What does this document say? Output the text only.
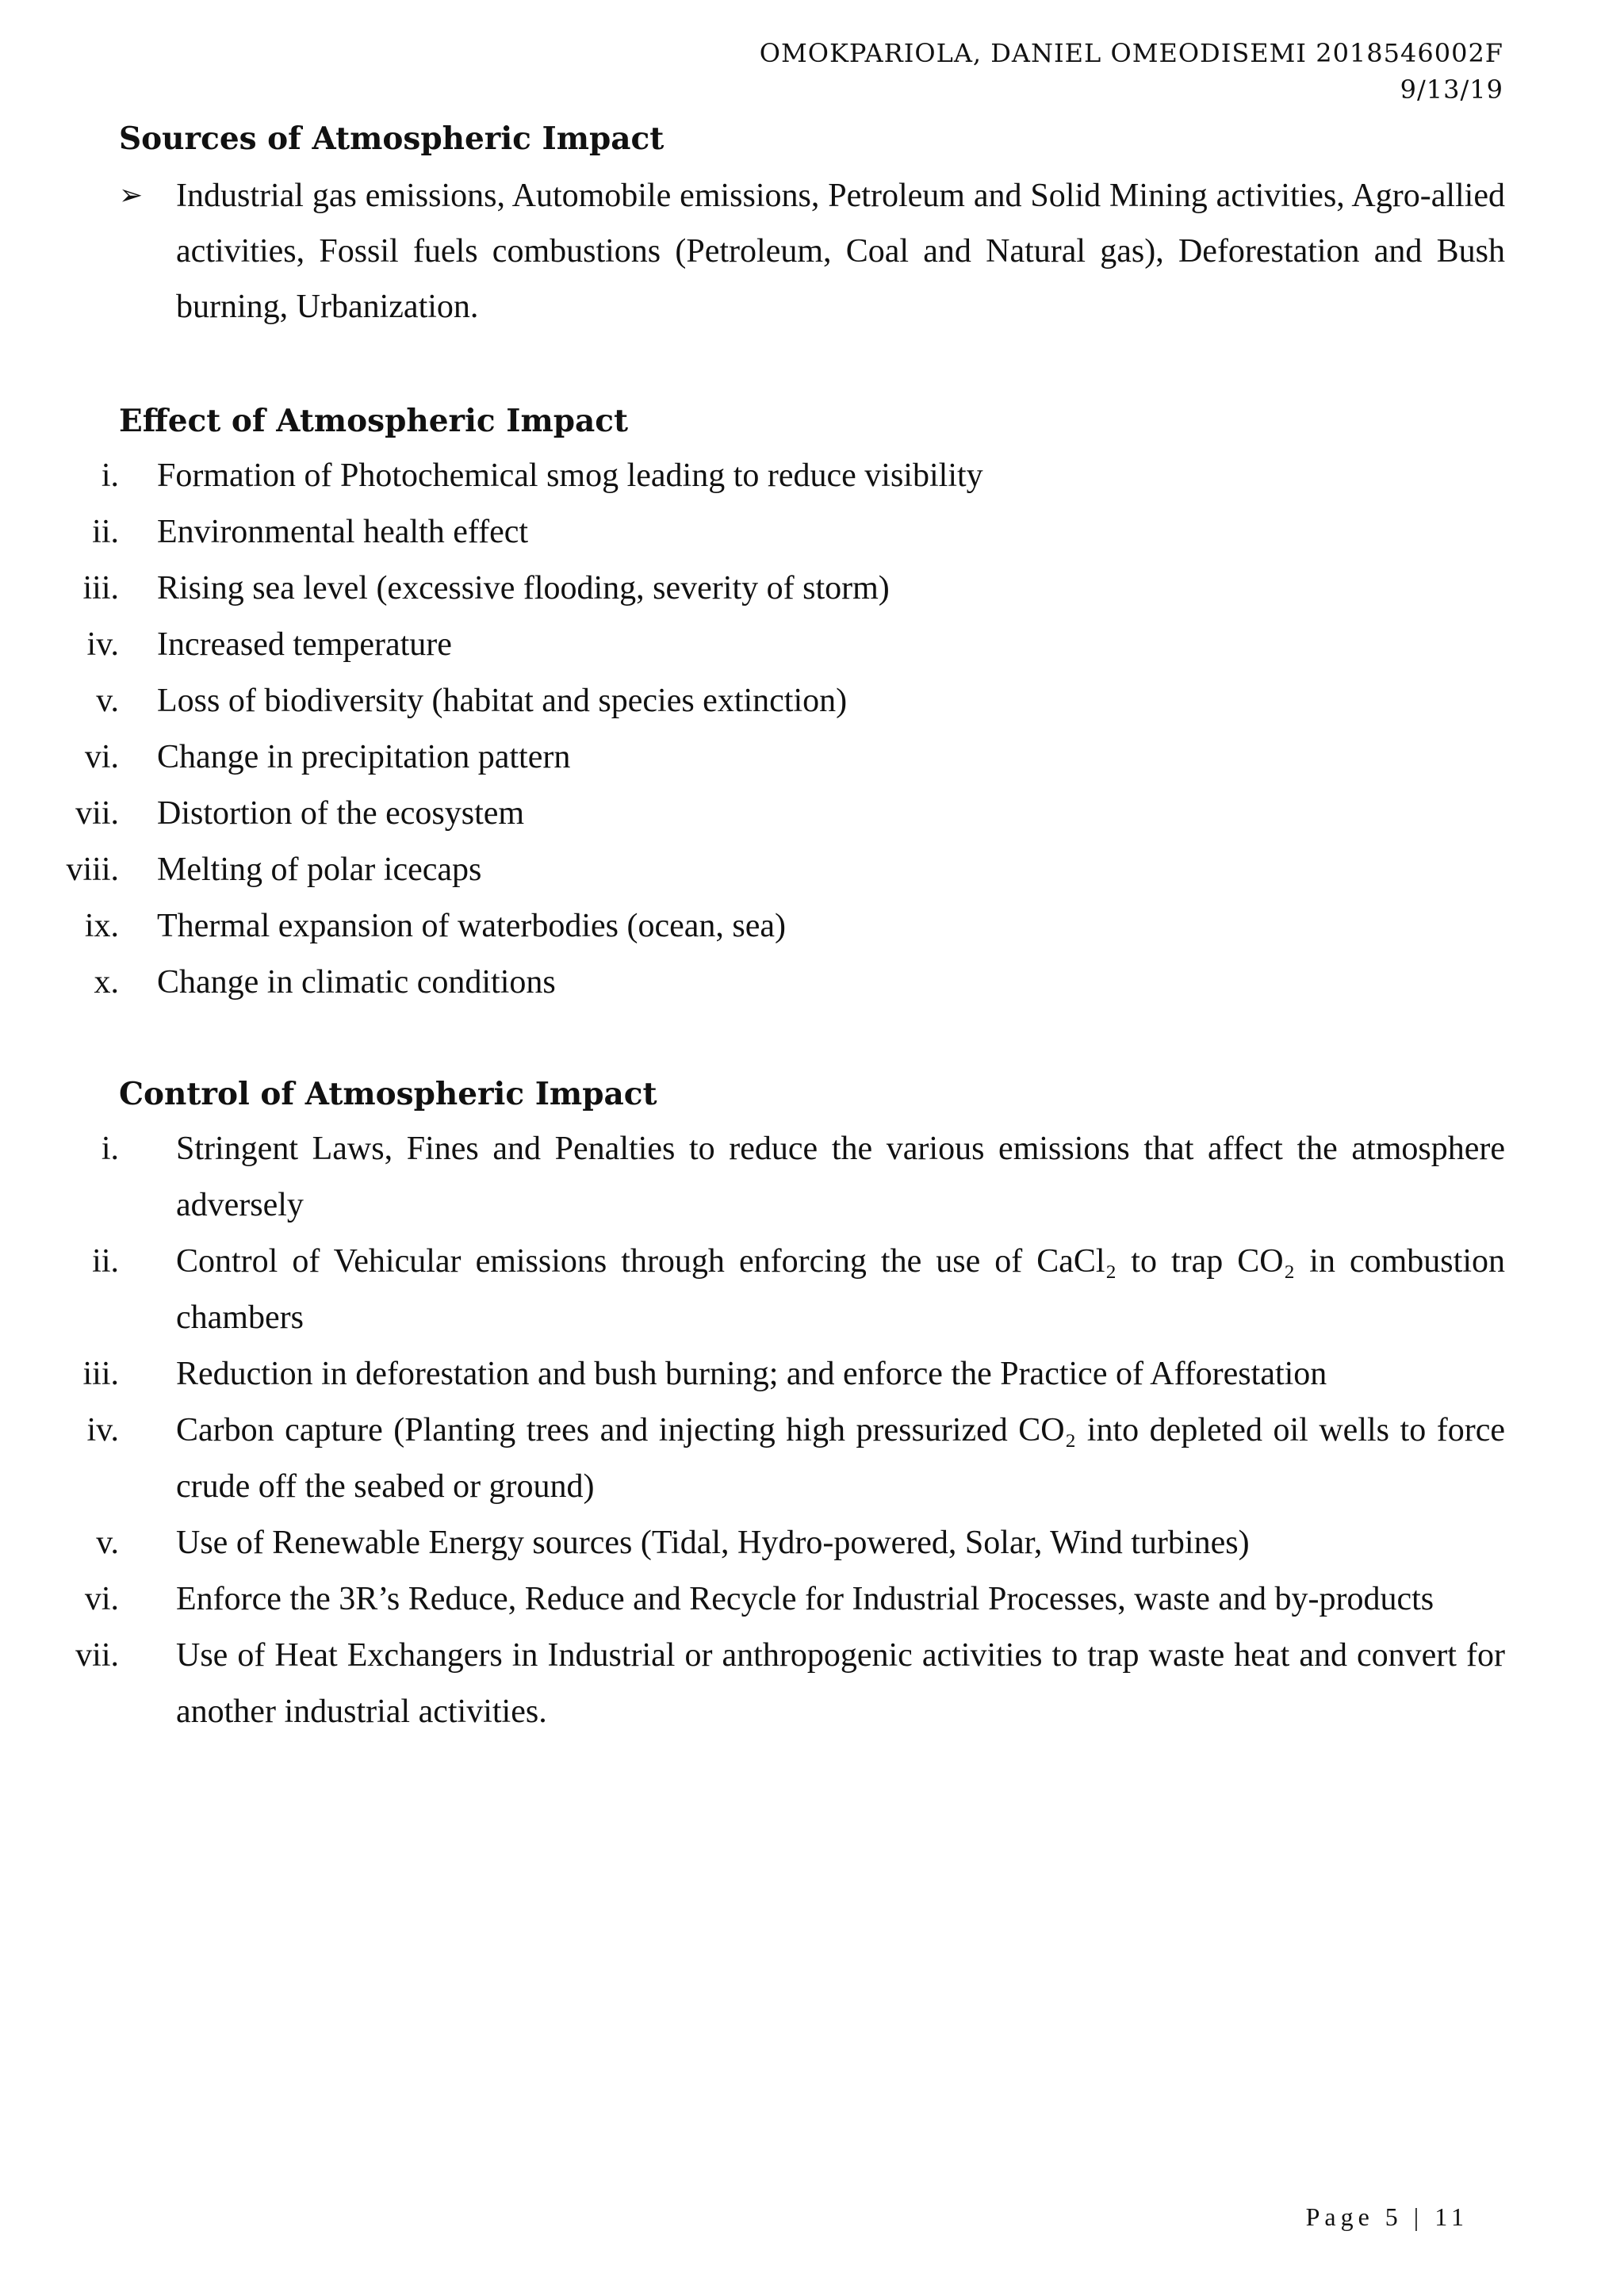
OMOKPARIOLA, DANIEL OMEODISEMI 2018546002F
9/13/19
Sources of Atmospheric Impact
➢ Industrial gas emissions, Automobile emissions, Petroleum and Solid Mining activities, Agro-allied activities, Fossil fuels combustions (Petroleum, Coal and Natural gas), Deforestation and Bush burning, Urbanization.
Effect of Atmospheric Impact
i. Formation of Photochemical smog leading to reduce visibility
ii. Environmental health effect
iii. Rising sea level (excessive flooding, severity of storm)
iv. Increased temperature
v. Loss of biodiversity (habitat and species extinction)
vi. Change in precipitation pattern
vii. Distortion of the ecosystem
viii. Melting of polar icecaps
ix. Thermal expansion of waterbodies (ocean, sea)
x. Change in climatic conditions
Control of Atmospheric Impact
i. Stringent Laws, Fines and Penalties to reduce the various emissions that affect the atmosphere adversely
ii. Control of Vehicular emissions through enforcing the use of CaCl₂ to trap CO₂ in combustion chambers
iii. Reduction in deforestation and bush burning; and enforce the Practice of Afforestation
iv. Carbon capture (Planting trees and injecting high pressurized CO₂ into depleted oil wells to force crude off the seabed or ground)
v. Use of Renewable Energy sources (Tidal, Hydro-powered, Solar, Wind turbines)
vi. Enforce the 3R’s Reduce, Reduce and Recycle for Industrial Processes, waste and by-products
vii. Use of Heat Exchangers in Industrial or anthropogenic activities to trap waste heat and convert for another industrial activities.
Page 5 | 11
